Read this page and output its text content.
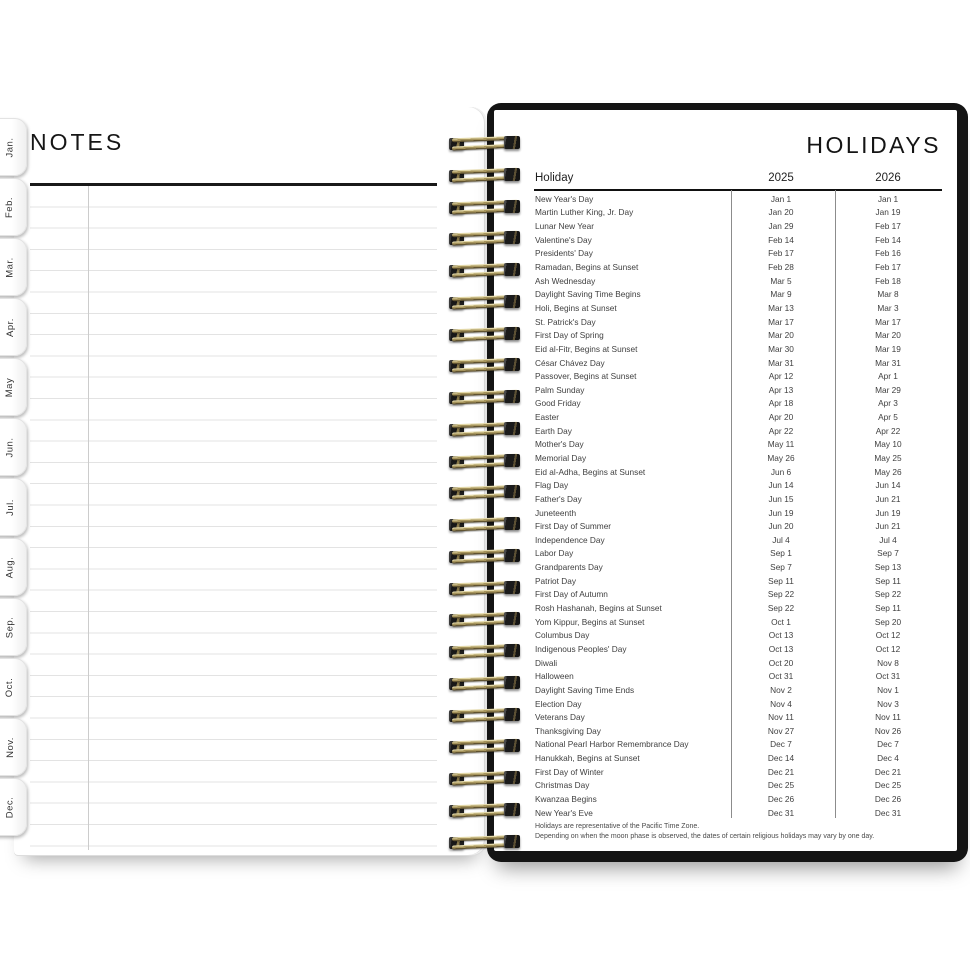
Jan.
Feb.
Mar.
Apr.
May
Jun.
Jul.
Aug.
Sep.
Oct.
Nov.
Dec.
NOTES	HOLIDAYS
Holiday	2025	2026
New Year's Day	Jan 1	Jan 1
Martin Luther King, Jr. Day	Jan 20	Jan 19
Lunar New Year	Jan 29	Feb 17
Valentine's Day	Feb 14	Feb 14
Presidents' Day	Feb 17	Feb 16
Ramadan, Begins at Sunset	Feb 28	Feb 17
Ash Wednesday	Mar 5	Feb 18
Daylight Saving Time Begins	Mar 9	Mar 8
Holi, Begins at Sunset	Mar 13	Mar 3
St. Patrick's Day	Mar 17	Mar 17
First Day of Spring	Mar 20	Mar 20
Eid al-Fitr, Begins at Sunset	Mar 30	Mar 19
César Chávez Day	Mar 31	Mar 31
Passover, Begins at Sunset	Apr 12	Apr 1
Palm Sunday	Apr 13	Mar 29
Good Friday	Apr 18	Apr 3
Easter	Apr 20	Apr 5
Earth Day	Apr 22	Apr 22
Mother's Day	May 11	May 10
Memorial Day	May 26	May 25
Eid al-Adha, Begins at Sunset	Jun 6	May 26
Flag Day	Jun 14	Jun 14
Father's Day	Jun 15	Jun 21
Juneteenth	Jun 19	Jun 19
First Day of Summer	Jun 20	Jun 21
Independence Day	Jul 4	Jul 4
Labor Day	Sep 1	Sep 7
Grandparents Day	Sep 7	Sep 13
Patriot Day	Sep 11	Sep 11
First Day of Autumn	Sep 22	Sep 22
Rosh Hashanah, Begins at Sunset	Sep 22	Sep 11
Yom Kippur, Begins at Sunset	Oct 1	Sep 20
Columbus Day	Oct 13	Oct 12
Indigenous Peoples' Day	Oct 13	Oct 12
Diwali	Oct 20	Nov 8
Halloween	Oct 31	Oct 31
Daylight Saving Time Ends	Nov 2	Nov 1
Election Day	Nov 4	Nov 3
Veterans Day	Nov 11	Nov 11
Thanksgiving Day	Nov 27	Nov 26
National Pearl Harbor Remembrance Day	Dec 7	Dec 7
Hanukkah, Begins at Sunset	Dec 14	Dec 4
First Day of Winter	Dec 21	Dec 21
Christmas Day	Dec 25	Dec 25
Kwanzaa Begins	Dec 26	Dec 26
New Year's Eve	Dec 31	Dec 31
Holidays are representative of the Pacific Time Zone.
Depending on when the moon phase is observed, the dates of certain religious holidays may vary by one day.
